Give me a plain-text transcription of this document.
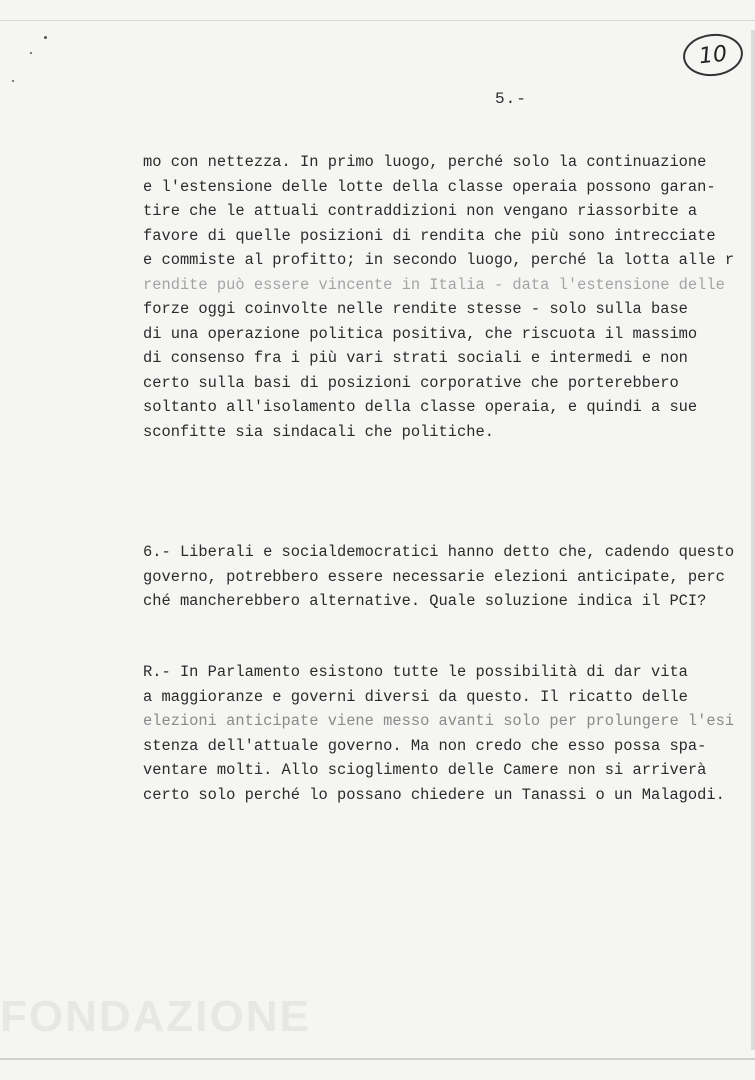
FONDAZIONE
10
5.-
mo con nettezza. In primo luogo, perché solo la continuazione
e l'estensione delle lotte della classe operaia possono garan-
tire che le attuali contraddizioni non vengano riassorbite a
favore di quelle posizioni di rendita che più sono intrecciate
e commiste al profitto; in secondo luogo, perché la lotta alle r
rendite può essere vincente in Italia - data l'estensione delle
forze oggi coinvolte nelle rendite stesse - solo sulla base
di una operazione politica positiva, che riscuota il massimo
di consenso fra i più vari strati sociali e intermedi e non
certo sulla basi di posizioni corporative che porterebbero
soltanto all'isolamento della classe operaia, e quindi a sue
sconfitte sia sindacali che politiche.
6.- Liberali e socialdemocratici hanno detto che, cadendo questo
governo, potrebbero essere necessarie elezioni anticipate, perc
ché mancherebbero alternative. Quale soluzione indica il PCI?
R.- In Parlamento esistono tutte le possibilità di dar vita
a maggioranze e governi diversi da questo. Il ricatto delle
elezioni anticipate viene messo avanti solo per prolungere l'esi
stenza dell'attuale governo. Ma non credo che esso possa spa-
ventare molti. Allo scioglimento delle Camere non si arriverà
certo solo perché lo possano chiedere un Tanassi o un Malagodi.
